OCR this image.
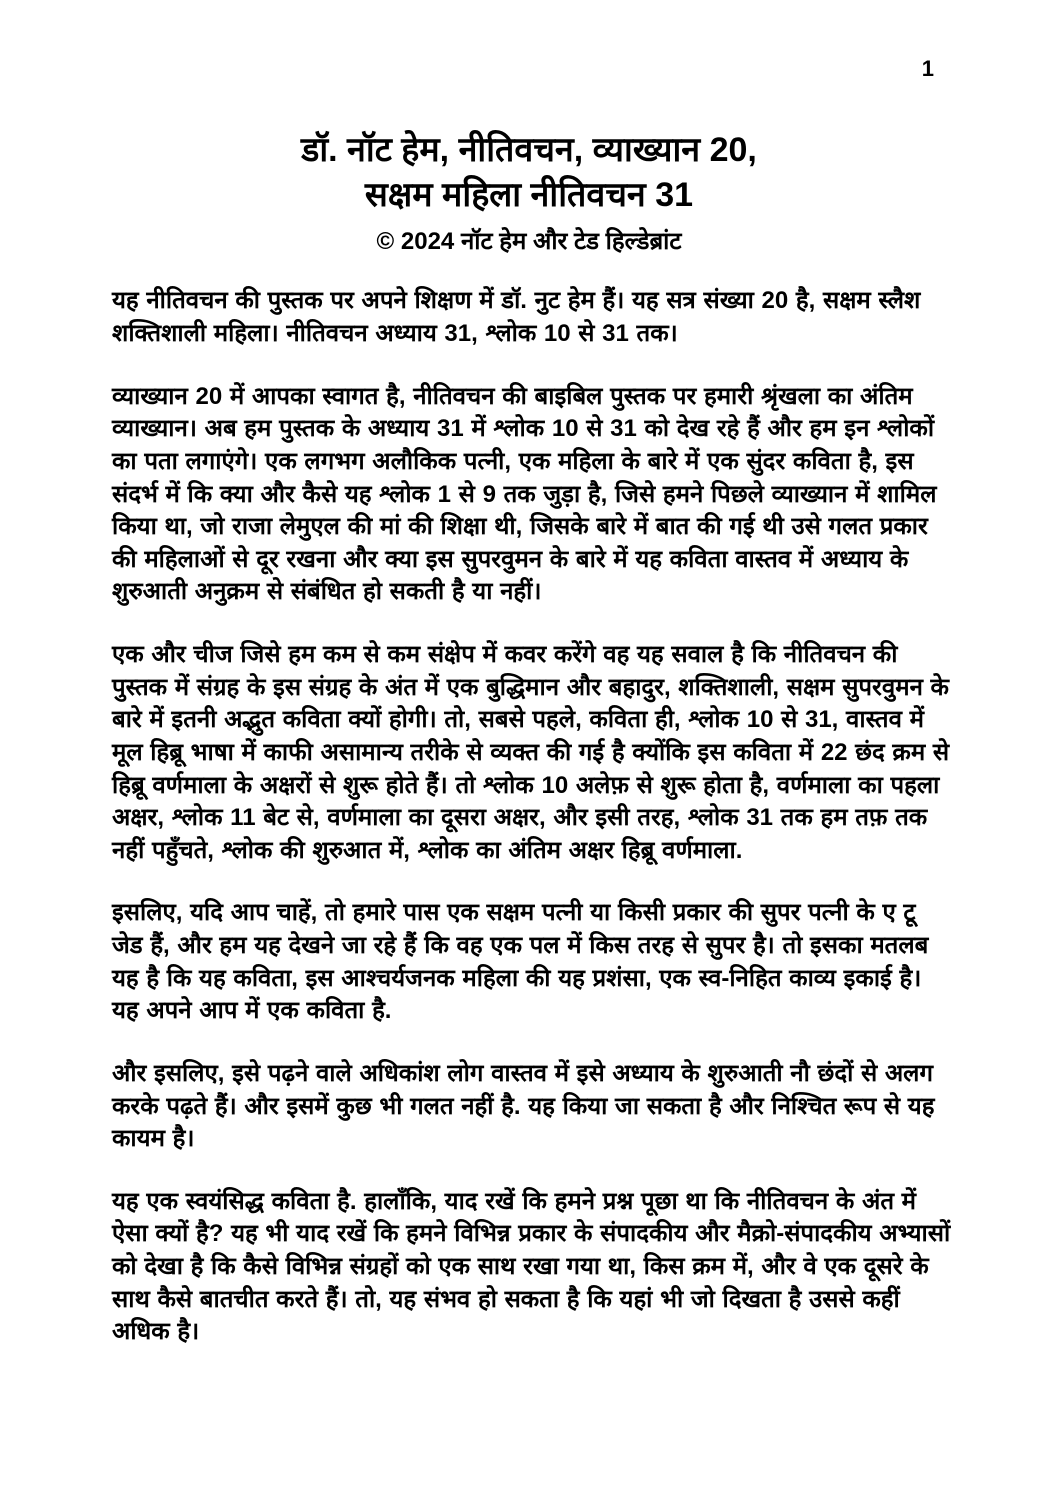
1
डॉ. नॉट हेम, नीतिवचन, व्याख्यान 20,
सक्षम महिला नीतिवचन 31
© 2024 नॉट हेम और टेड हिल्डेब्रांट

यह नीतिवचन की पुस्तक पर अपने शिक्षण में डॉ. नुट हेम हैं। यह सत्र संख्या 20 है, सक्षम स्लैश शक्तिशाली महिला। नीतिवचन अध्याय 31, श्लोक 10 से 31 तक।

व्याख्यान 20 में आपका स्वागत है, नीतिवचन की बाइबिल पुस्तक पर हमारी श्रृंखला का अंतिम व्याख्यान। अब हम पुस्तक के अध्याय 31 में श्लोक 10 से 31 को देख रहे हैं और हम इन श्लोकों का पता लगाएंगे। एक लगभग अलौकिक पत्नी, एक महिला के बारे में एक सुंदर कविता है, इस संदर्भ में कि क्या और कैसे यह श्लोक 1 से 9 तक जुड़ा है, जिसे हमने पिछले व्याख्यान में शामिल किया था, जो राजा लेमुएल की मां की शिक्षा थी, जिसके बारे में बात की गई थी उसे गलत प्रकार की महिलाओं से दूर रखना और क्या इस सुपरवुमन के बारे में यह कविता वास्तव में अध्याय के शुरुआती अनुक्रम से संबंधित हो सकती है या नहीं।

एक और चीज जिसे हम कम से कम संक्षेप में कवर करेंगे वह यह सवाल है कि नीतिवचन की पुस्तक में संग्रह के इस संग्रह के अंत में एक बुद्धिमान और बहादुर, शक्तिशाली, सक्षम सुपरवुमन के बारे में इतनी अद्भुत कविता क्यों होगी। तो, सबसे पहले, कविता ही, श्लोक 10 से 31, वास्तव में मूल हिब्रू भाषा में काफी असामान्य तरीके से व्यक्त की गई है क्योंकि इस कविता में 22 छंद क्रम से हिब्रू वर्णमाला के अक्षरों से शुरू होते हैं। तो श्लोक 10 अलेफ़ से शुरू होता है, वर्णमाला का पहला अक्षर, श्लोक 11 बेट से, वर्णमाला का दूसरा अक्षर, और इसी तरह, श्लोक 31 तक हम तफ़ तक नहीं पहुँचते, श्लोक की शुरुआत में, श्लोक का अंतिम अक्षर हिब्रू वर्णमाला.

इसलिए, यदि आप चाहें, तो हमारे पास एक सक्षम पत्नी या किसी प्रकार की सुपर पत्नी के ए टू जेड हैं, और हम यह देखने जा रहे हैं कि वह एक पल में किस तरह से सुपर है। तो इसका मतलब यह है कि यह कविता, इस आश्चर्यजनक महिला की यह प्रशंसा, एक स्व-निहित काव्य इकाई है। यह अपने आप में एक कविता है.

और इसलिए, इसे पढ़ने वाले अधिकांश लोग वास्तव में इसे अध्याय के शुरुआती नौ छंदों से अलग करके पढ़ते हैं। और इसमें कुछ भी गलत नहीं है. यह किया जा सकता है और निश्चित रूप से यह कायम है।

यह एक स्वयंसिद्ध कविता है. हालाँकि, याद रखें कि हमने प्रश्न पूछा था कि नीतिवचन के अंत में ऐसा क्यों है? यह भी याद रखें कि हमने विभिन्न प्रकार के संपादकीय और मैक्रो-संपादकीय अभ्यासों को देखा है कि कैसे विभिन्न संग्रहों को एक साथ रखा गया था, किस क्रम में, और वे एक दूसरे के साथ कैसे बातचीत करते हैं। तो, यह संभव हो सकता है कि यहां भी जो दिखता है उससे कहीं अधिक है।
